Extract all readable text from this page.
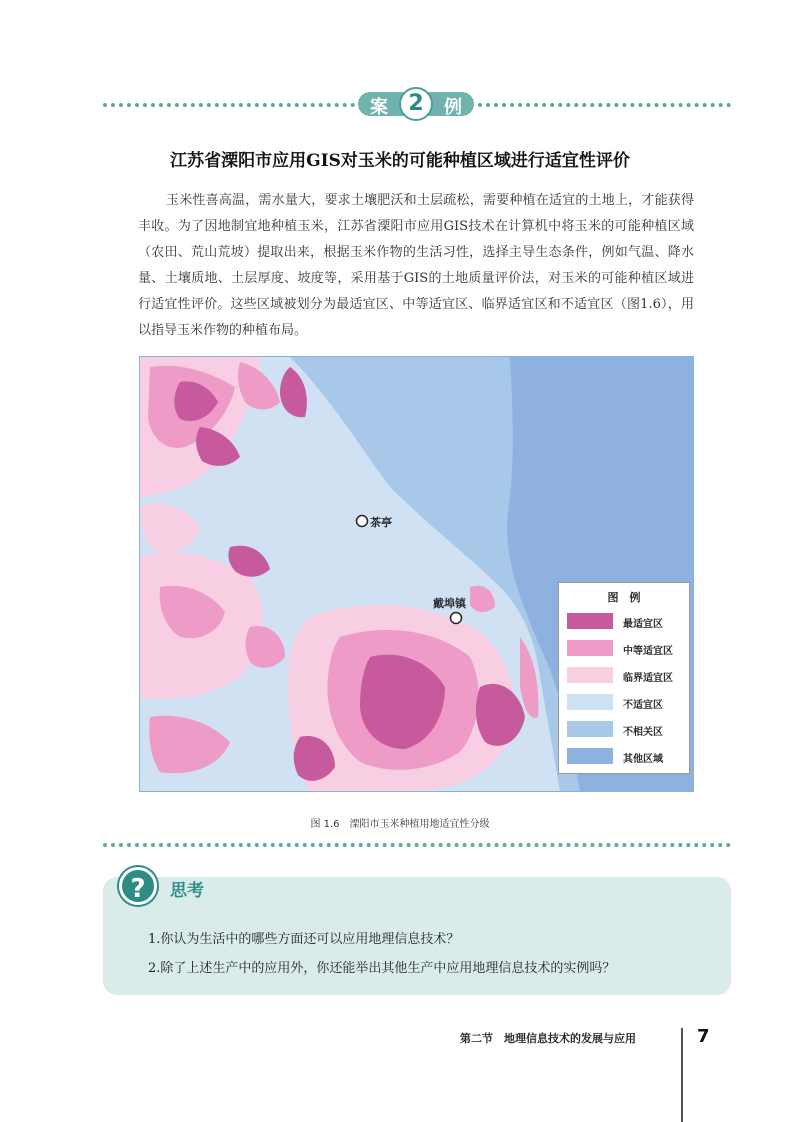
案 2	例
江苏省溧阳市应用GIS对玉米的可能种植区域进行适宜性评价

玉米性喜高温，需水量大，要求土壤肥沃和土层疏松，需要种植在适宜的土地上，才能获得丰收。为了因地制宜地种植玉米，江苏省溧阳市应用GIS技术在计算机中将玉米的可能种植区域（农田、荒山荒坡）提取出来，根据玉米作物的生活习性，选择主导生态条件，例如气温、降水量、土壤质地、土层厚度、坡度等，采用基于GIS的土地质量评价法，对玉米的可能种植区域进行适宜性评价。这些区域被划分为最适宜区、中等适宜区、临界适宜区和不适宜区（图1.6），用以指导玉米作物的种植布局。

茶亭
戴埠镇	图　例
最适宜区
中等适宜区
临界适宜区
不适宜区
不相关区
其他区域
图 1.6　溧阳市玉米种植用地适宜性分级
?	思考
1.你认为生活中的哪些方面还可以应用地理信息技术？
2.除了上述生产中的应用外，你还能举出其他生产中应用地理信息技术的实例吗？
第二节　地理信息技术的发展与应用	7
